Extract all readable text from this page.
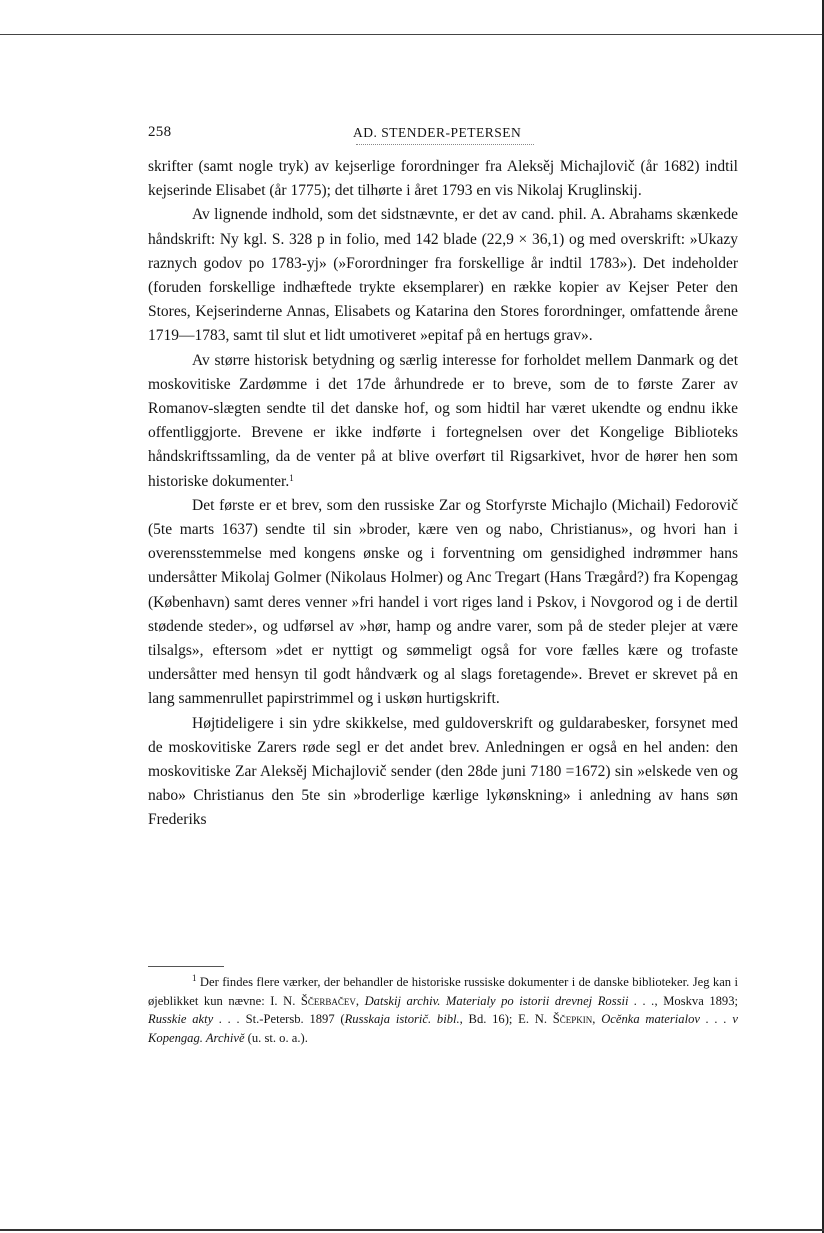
258	AD. STENDER-PETERSEN

skrifter (samt nogle tryk) av kejserlige forordninger fra Aleksěj Michajlovič (år 1682) indtil kejserinde Elisabet (år 1775); det tilhørte i året 1793 en vis Nikolaj Kruglinskij.

Av lignende indhold, som det sidstnævnte, er det av cand. phil. A. Abrahams skænkede håndskrift: Ny kgl. S. 328 p in folio, med 142 blade (22,9 × 36,1) og med overskrift: »Ukazy raznych godov po 1783-yj» (»Forordninger fra forskellige år indtil 1783»). Det indeholder (foruden forskellige indhæftede trykte eksemplarer) en række kopier av Kejser Peter den Stores, Kejserinderne Annas, Elisabets og Katarina den Stores forordninger, omfattende årene 1719—1783, samt til slut et lidt umotiveret »epitaf på en hertugs grav».

Av større historisk betydning og særlig interesse for forholdet mellem Danmark og det moskovitiske Zardømme i det 17de århundrede er to breve, som de to første Zarer av Romanov-slægten sendte til det danske hof, og som hidtil har været ukendte og endnu ikke offentliggjorte. Brevene er ikke indførte i fortegnelsen over det Kongelige Biblioteks håndskriftssamling, da de venter på at blive overført til Rigsarkivet, hvor de hører hen som historiske dokumenter.$^1$

Det første er et brev, som den russiske Zar og Storfyrste Michajlo (Michail) Fedorovič (5te marts 1637) sendte til sin »broder, kære ven og nabo, Christianus», og hvori han i overensstemmelse med kongens ønske og i forventning om gensidighed indrømmer hans undersåtter Mikolaj Golmer (Nikolaus Holmer) og Anc Tregart (Hans Trægård?) fra Kopengag (København) samt deres venner »fri handel i vort riges land i Pskov, i Novgorod og i de dertil stødende steder», og udførsel av »hør, hamp og andre varer, som på de steder plejer at være tilsalgs», eftersom »det er nyttigt og sømmeligt også for vore fælles kære og trofaste undersåtter med hensyn til godt håndværk og al slags foretagende». Brevet er skrevet på en lang sammenrullet papirstrimmel og i uskøn hurtigskrift.

Højtideligere i sin ydre skikkelse, med guldoverskrift og guldarabesker, forsynet med de moskovitiske Zarers røde segl er det andet brev. Anledningen er også en hel anden: den moskovitiske Zar Aleksěj Michajlovič sender (den 28de juni 7180 =1672) sin »elskede ven og nabo» Christianus den 5te sin »broderlige kærlige lykønskning» i anledning av hans søn Frederiks

$^1$ Der findes flere værker, der behandler de historiske russiske dokumenter i de danske biblioteker. Jeg kan i øjeblikket kun nævne: I. N. Ščerbačev, Datskij archiv. Materialy po istorii drevnej Rossii . . ., Moskva 1893; Russkie akty . . . St.-Petersb. 1897 (Russkaja istorič. bibl., Bd. 16); E. N. Ščepkin, Ocěnka materialov . . . v Kopengag. Archivě (u. st. o. a.).
